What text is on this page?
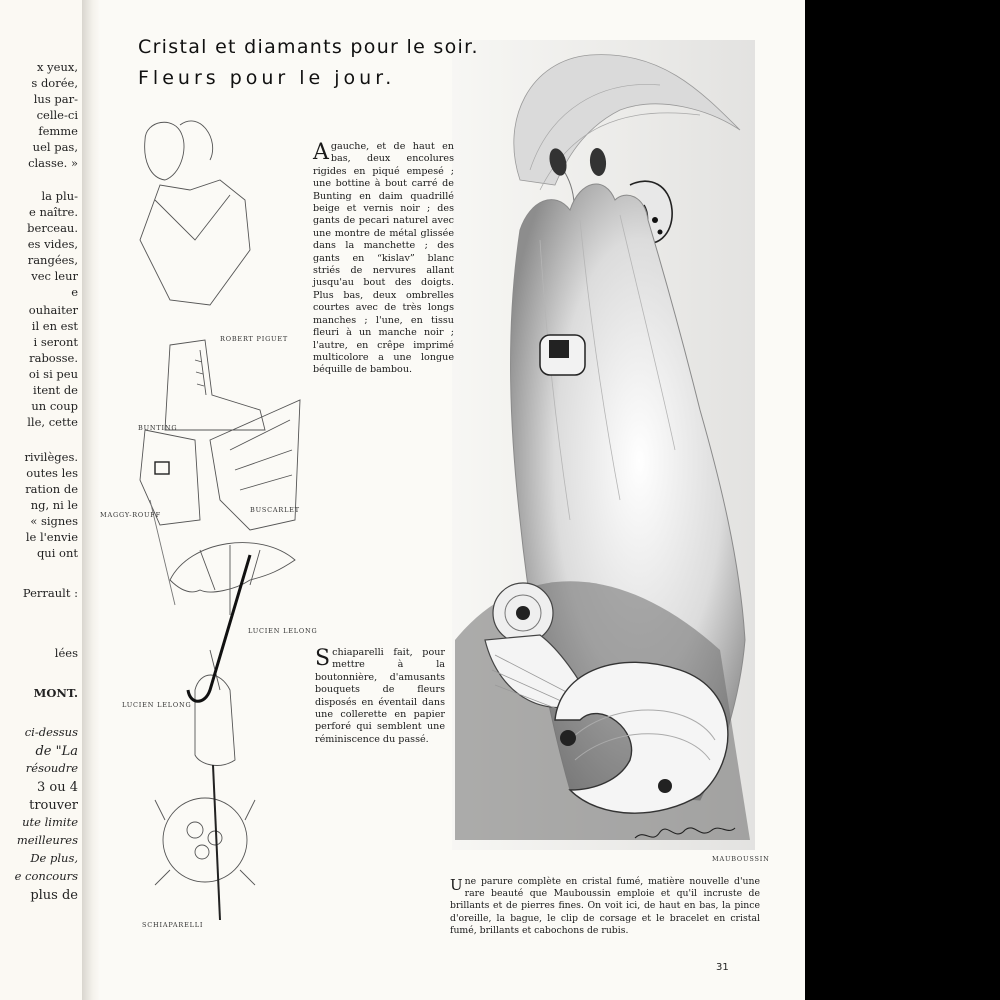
x yeux,
s dorée,
lus par-
celle-ci
femme
uel pas,
classe. »
la plu-
e naître.
berceau.
es vides,
rangées,
vec leur
e
ouhaiter
il en est
i seront
rabosse.
oi si peu
itent de
un coup
lle, cette
rivilèges.
outes les
ration de
ng, ni le
« signes
le l'envie
qui ont
Perrault :
lées
MONT.
ci-dessus
de "La
résoudre
3 ou 4
trouver
ute limite
meilleures
De plus,
e concours
plus de
Cristal et diamants pour le soir.
Fleurs pour le jour.
A gauche, et de haut en bas, deux encolures rigides en piqué empesé ; une bottine à bout carré de Bunting en daim quadrillé beige et vernis noir ; des gants de pecari naturel avec une montre de métal glissée dans la manchette ; des gants en “kislav” blanc striés de nervures allant jusqu'au bout des doigts. Plus bas, deux ombrelles courtes avec de très longs manches ; l'une, en tissu fleuri à un manche noir ; l'autre, en crêpe imprimé multicolore a une longue béquille de bambou.
Schiaparelli fait, pour mettre à la boutonnière, d'amusants bouquets de fleurs disposés en éventail dans une collerette en papier perforé qui semblent une réminiscence du passé.
Une parure complète en cristal fumé, matière nouvelle d'une rare beauté que Mauboussin emploie et qu'il incruste de brillants et de pierres fines. On voit ici, de haut en bas, la pince d'oreille, la bague, le clip de corsage et le bracelet en cristal fumé, brillants et cabochons de rubis.
ROBERT PIGUET
BUNTING
MAGGY-ROUFF
BUSCARLET
LUCIEN LELONG
LUCIEN LELONG
SCHIAPARELLI
MAUBOUSSIN
31
